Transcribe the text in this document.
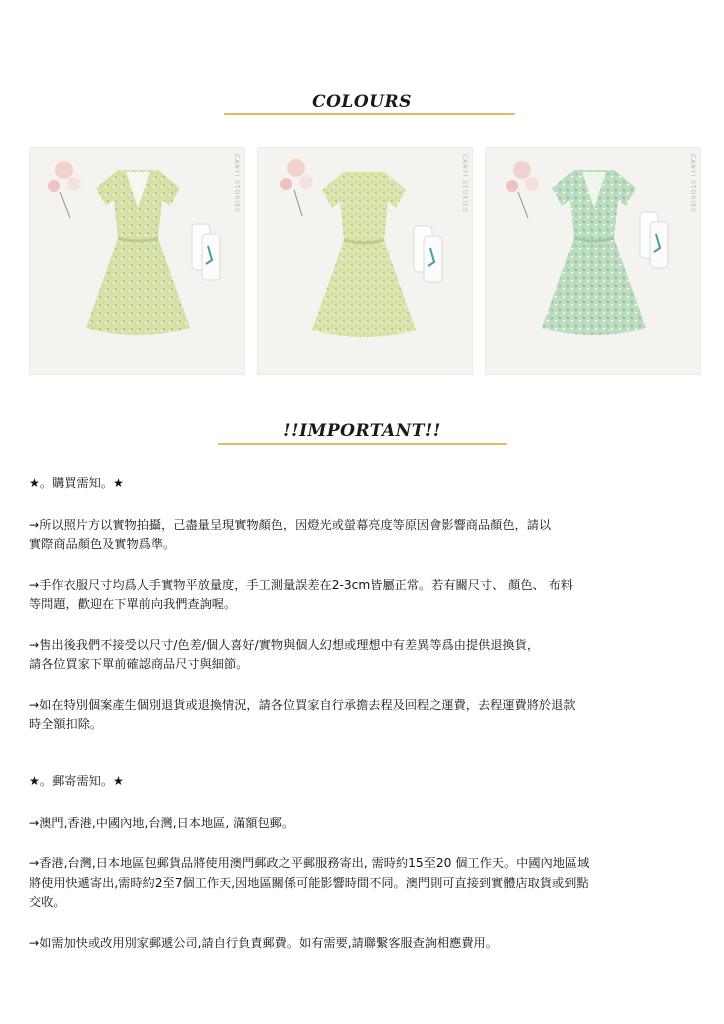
COLOURS
CANYI STORIES	CANYI STORIES	CANYI STORIES
!!IMPORTANT!!

★。購買需知。★

→所以照片方以實物拍攝，己盡量呈現實物顏色，因燈光或螢幕亮度等原因會影響商品顏色，請以

實際商品顏色及實物爲準。

→手作衣服尺寸均爲人手實物平放量度，手工測量誤差在2-3cm皆屬正常。若有關尺寸、 顏色、 布料

等問題，歡迎在下單前向我們查詢喔。

→售出後我們不接受以尺寸/色差/個人喜好/實物與個人幻想或理想中有差異等爲由提供退換貨，

請各位買家下單前確認商品尺寸與細節。

→如在特別個案產生個別退貨或退換情況，請各位買家自行承擔去程及回程之運費，去程運費將於退款

時全額扣除。

★。郵寄需知。★

→澳門,香港,中國內地,台灣,日本地區, 滿額包郵。

→香港,台灣,日本地區包郵貨品將使用澳門郵政之平郵服務寄出, 需時約15至20 個工作天。中國內地區域

將使用快遞寄出,需時約2至7個工作天,因地區關係可能影響時間不同。澳門則可直接到實體店取貨或到點

交收。

→如需加快或改用別家郵遞公司,請自行負責郵費。如有需要,請聯繫客服查詢相應費用。
